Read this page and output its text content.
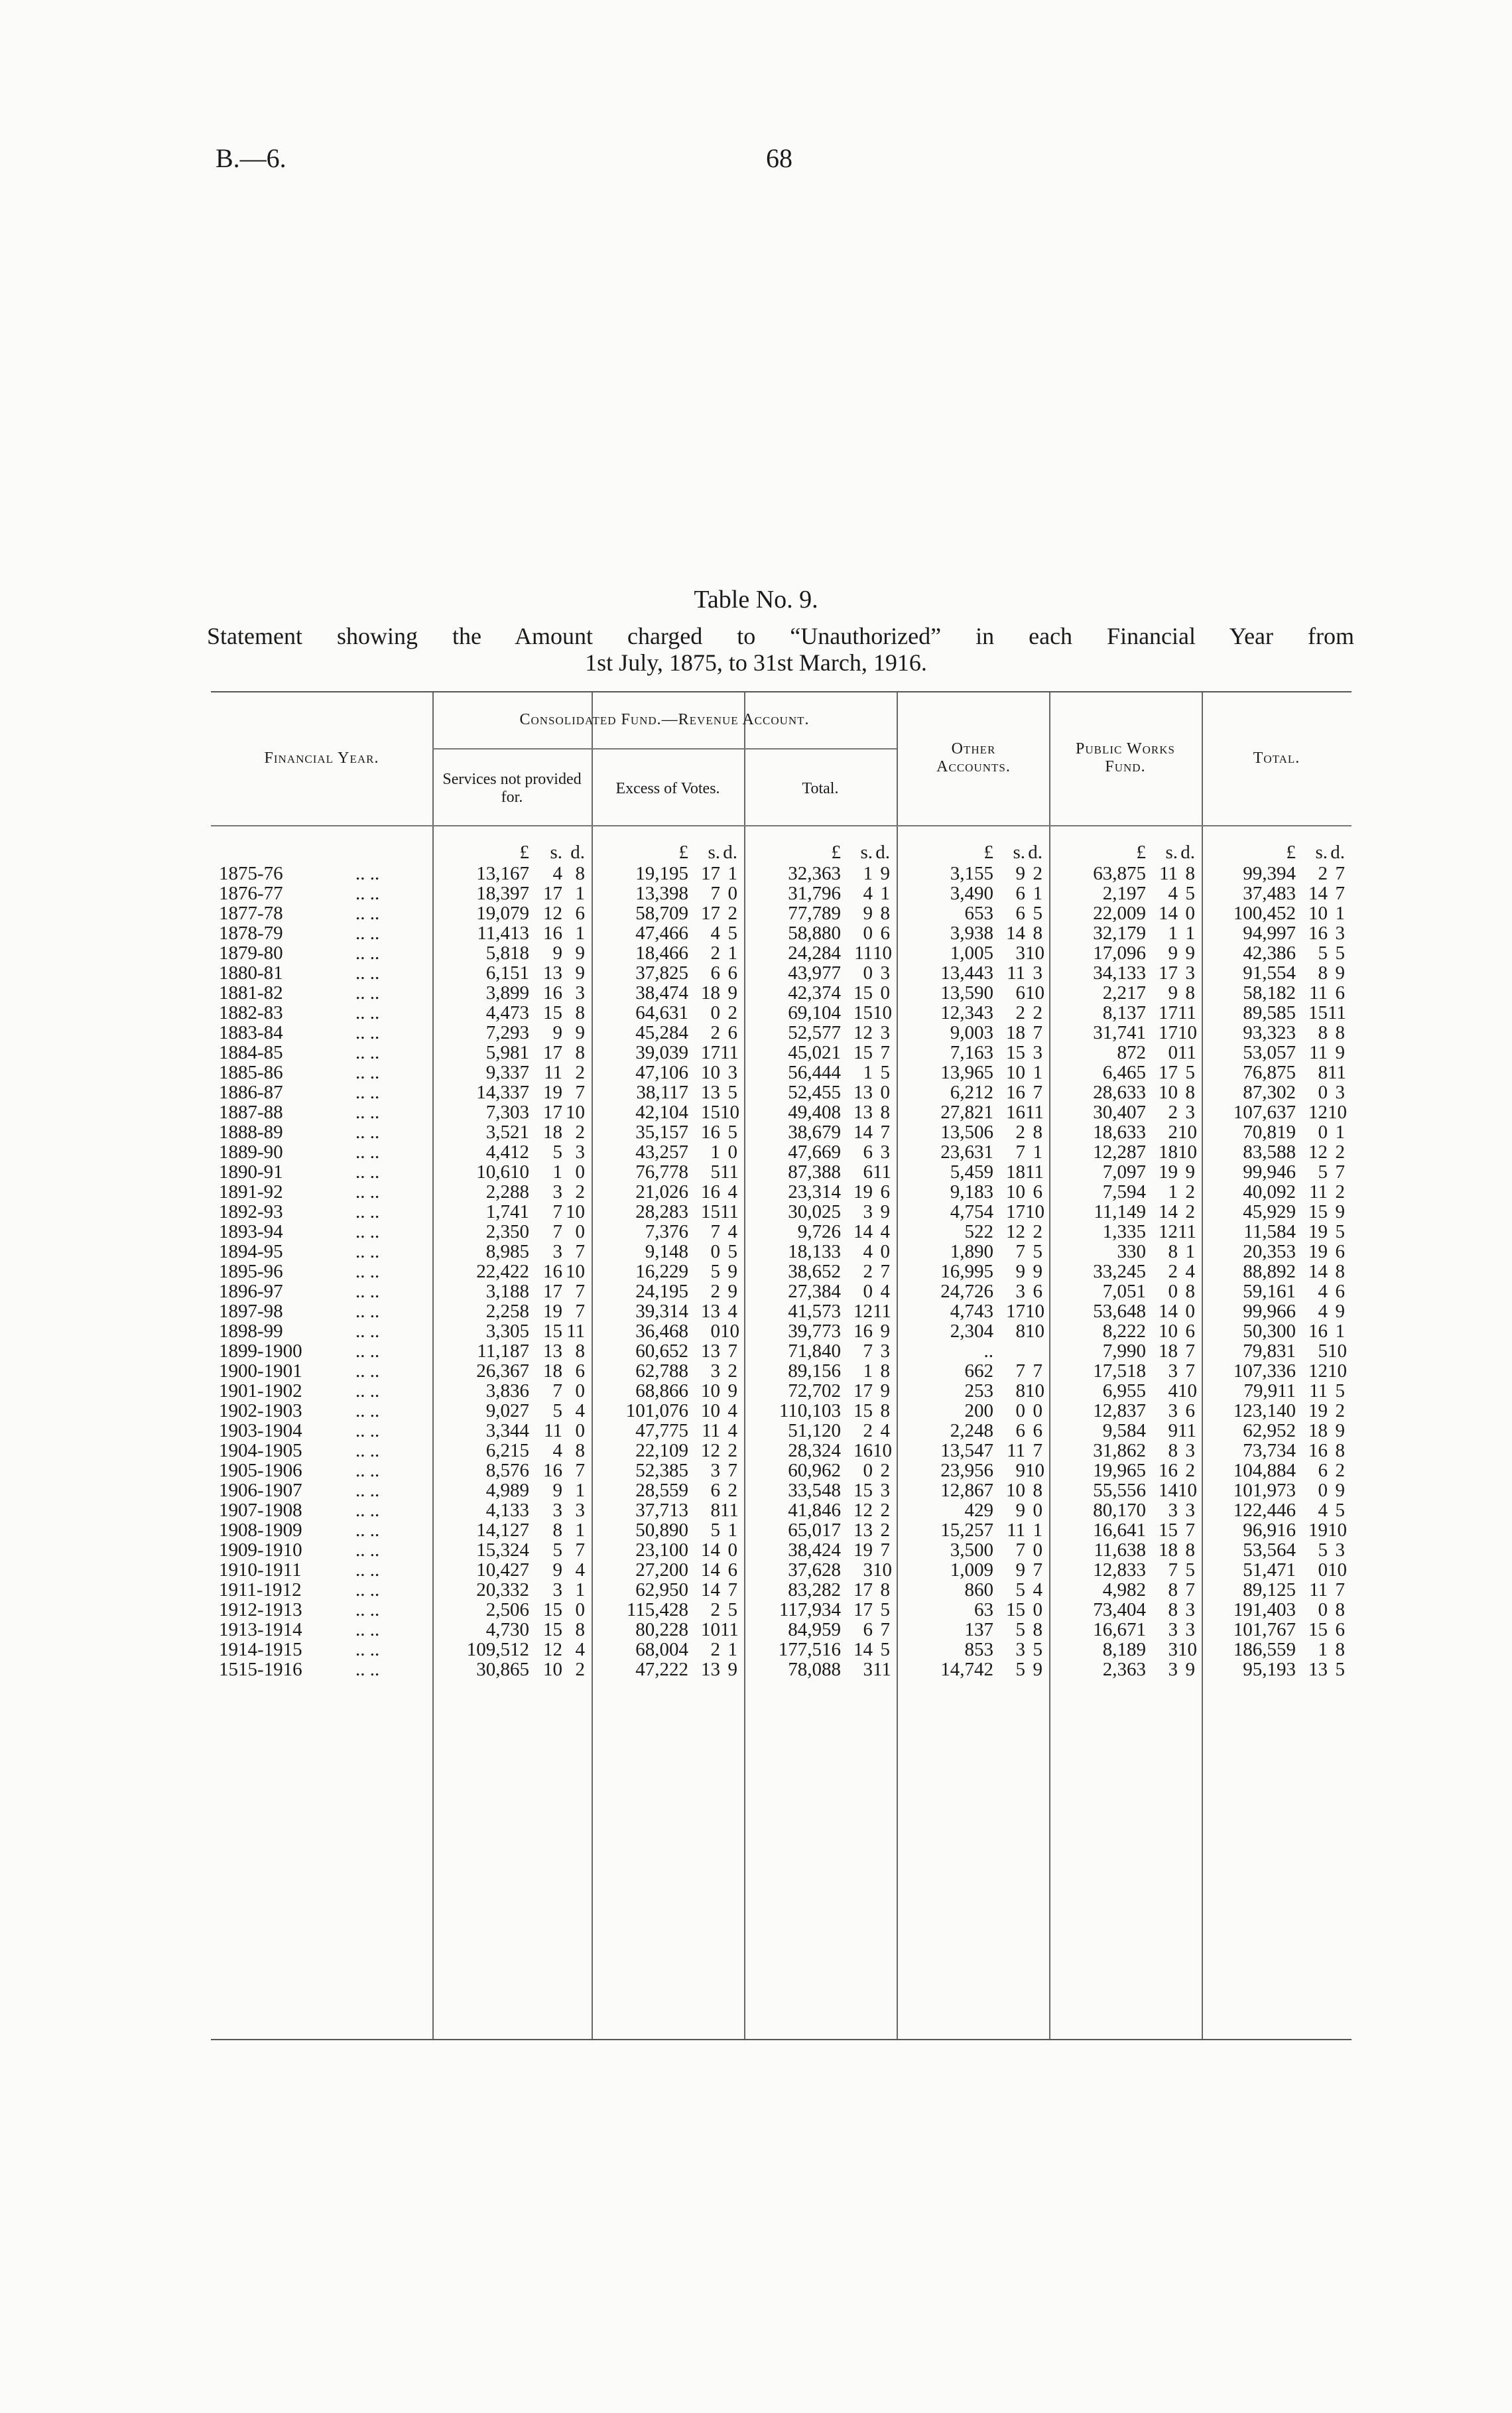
B.—6.	68
Table No. 9.
Statement showing the Amount charged to “Unauthorized” in each Financial Year from
1st July, 1875, to 31st March, 1916.
Financial Year.
Consolidated Fund.—Revenue Account.
Services not provided for.	Excess of Votes.	Total.
Other Accounts.
Public Works Fund.	Total.
		£	s.	d.	£	s.	d.	£	s.	d.	£	s.	d.	£	s.	d.	£	s.	d.
1875-76	.. ..	13,167	4	8	19,195	17	1	32,363	1	9	3,155	9	2	63,875	11	8	99,394	2	7
1876-77	.. ..	18,397	17	1	13,398	7	0	31,796	4	1	3,490	6	1	2,197	4	5	37,483	14	7
1877-78	.. ..	19,079	12	6	58,709	17	2	77,789	9	8	653	6	5	22,009	14	0	100,452	10	1
1878-79	.. ..	11,413	16	1	47,466	4	5	58,880	0	6	3,938	14	8	32,179	1	1	94,997	16	3
1879-80	.. ..	5,818	9	9	18,466	2	1	24,284	11	10	1,005	3	10	17,096	9	9	42,386	5	5
1880-81	.. ..	6,151	13	9	37,825	6	6	43,977	0	3	13,443	11	3	34,133	17	3	91,554	8	9
1881-82	.. ..	3,899	16	3	38,474	18	9	42,374	15	0	13,590	6	10	2,217	9	8	58,182	11	6
1882-83	.. ..	4,473	15	8	64,631	0	2	69,104	15	10	12,343	2	2	8,137	17	11	89,585	15	11
1883-84	.. ..	7,293	9	9	45,284	2	6	52,577	12	3	9,003	18	7	31,741	17	10	93,323	8	8
1884-85	.. ..	5,981	17	8	39,039	17	11	45,021	15	7	7,163	15	3	872	0	11	53,057	11	9
1885-86	.. ..	9,337	11	2	47,106	10	3	56,444	1	5	13,965	10	1	6,465	17	5	76,875	8	11
1886-87	.. ..	14,337	19	7	38,117	13	5	52,455	13	0	6,212	16	7	28,633	10	8	87,302	0	3
1887-88	.. ..	7,303	17	10	42,104	15	10	49,408	13	8	27,821	16	11	30,407	2	3	107,637	12	10
1888-89	.. ..	3,521	18	2	35,157	16	5	38,679	14	7	13,506	2	8	18,633	2	10	70,819	0	1
1889-90	.. ..	4,412	5	3	43,257	1	0	47,669	6	3	23,631	7	1	12,287	18	10	83,588	12	2
1890-91	.. ..	10,610	1	0	76,778	5	11	87,388	6	11	5,459	18	11	7,097	19	9	99,946	5	7
1891-92	.. ..	2,288	3	2	21,026	16	4	23,314	19	6	9,183	10	6	7,594	1	2	40,092	11	2
1892-93	.. ..	1,741	7	10	28,283	15	11	30,025	3	9	4,754	17	10	11,149	14	2	45,929	15	9
1893-94	.. ..	2,350	7	0	7,376	7	4	9,726	14	4	522	12	2	1,335	12	11	11,584	19	5
1894-95	.. ..	8,985	3	7	9,148	0	5	18,133	4	0	1,890	7	5	330	8	1	20,353	19	6
1895-96	.. ..	22,422	16	10	16,229	5	9	38,652	2	7	16,995	9	9	33,245	2	4	88,892	14	8
1896-97	.. ..	3,188	17	7	24,195	2	9	27,384	0	4	24,726	3	6	7,051	0	8	59,161	4	6
1897-98	.. ..	2,258	19	7	39,314	13	4	41,573	12	11	4,743	17	10	53,648	14	0	99,966	4	9
1898-99	.. ..	3,305	15	11	36,468	0	10	39,773	16	9	2,304	8	10	8,222	10	6	50,300	16	1
1899-1900	.. ..	11,187	13	8	60,652	13	7	71,840	7	3	..			7,990	18	7	79,831	5	10
1900-1901	.. ..	26,367	18	6	62,788	3	2	89,156	1	8	662	7	7	17,518	3	7	107,336	12	10
1901-1902	.. ..	3,836	7	0	68,866	10	9	72,702	17	9	253	8	10	6,955	4	10	79,911	11	5
1902-1903	.. ..	9,027	5	4	101,076	10	4	110,103	15	8	200	0	0	12,837	3	6	123,140	19	2
1903-1904	.. ..	3,344	11	0	47,775	11	4	51,120	2	4	2,248	6	6	9,584	9	11	62,952	18	9
1904-1905	.. ..	6,215	4	8	22,109	12	2	28,324	16	10	13,547	11	7	31,862	8	3	73,734	16	8
1905-1906	.. ..	8,576	16	7	52,385	3	7	60,962	0	2	23,956	9	10	19,965	16	2	104,884	6	2
1906-1907	.. ..	4,989	9	1	28,559	6	2	33,548	15	3	12,867	10	8	55,556	14	10	101,973	0	9
1907-1908	.. ..	4,133	3	3	37,713	8	11	41,846	12	2	429	9	0	80,170	3	3	122,446	4	5
1908-1909	.. ..	14,127	8	1	50,890	5	1	65,017	13	2	15,257	11	1	16,641	15	7	96,916	19	10
1909-1910	.. ..	15,324	5	7	23,100	14	0	38,424	19	7	3,500	7	0	11,638	18	8	53,564	5	3
1910-1911	.. ..	10,427	9	4	27,200	14	6	37,628	3	10	1,009	9	7	12,833	7	5	51,471	0	10
1911-1912	.. ..	20,332	3	1	62,950	14	7	83,282	17	8	860	5	4	4,982	8	7	89,125	11	7
1912-1913	.. ..	2,506	15	0	115,428	2	5	117,934	17	5	63	15	0	73,404	8	3	191,403	0	8
1913-1914	.. ..	4,730	15	8	80,228	10	11	84,959	6	7	137	5	8	16,671	3	3	101,767	15	6
1914-1915	.. ..	109,512	12	4	68,004	2	1	177,516	14	5	853	3	5	8,189	3	10	186,559	1	8
1515-1916	.. ..	30,865	10	2	47,222	13	9	78,088	3	11	14,742	5	9	2,363	3	9	95,193	13	5
